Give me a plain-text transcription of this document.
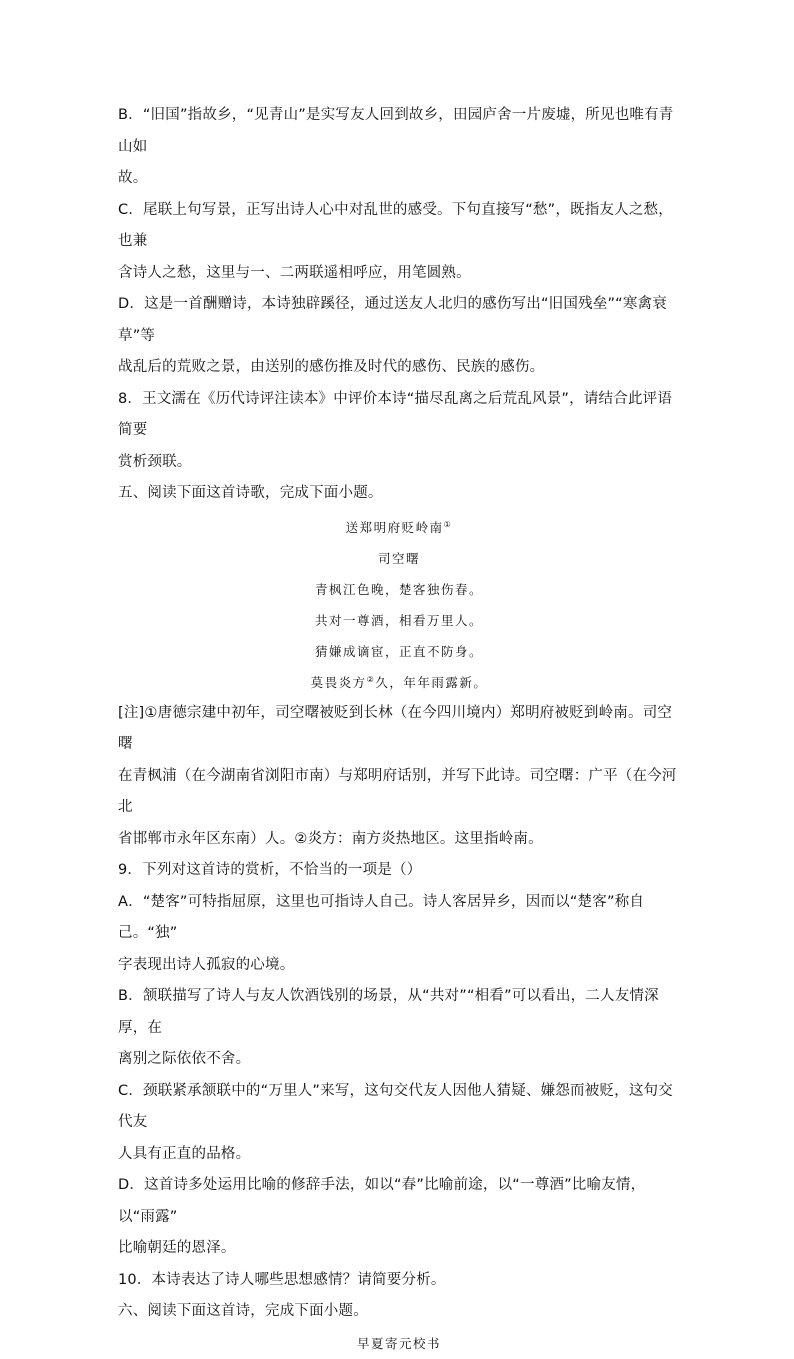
B．“旧国”指故乡，“见青山”是实写友人回到故乡，田园庐舍一片废墟，所见也唯有青山如

故。

C．尾联上句写景，正写出诗人心中对乱世的感受。下句直接写“愁”，既指友人之愁，也兼

含诗人之愁，这里与一、二两联遥相呼应，用笔圆熟。

D．这是一首酬赠诗，本诗独辟蹊径，通过送友人北归的感伤写出“旧国残垒”“寒禽衰草”等

战乱后的荒败之景，由送别的感伤推及时代的感伤、民族的感伤。

8．王文濡在《历代诗评注读本》中评价本诗“描尽乱离之后荒乱风景”，请结合此评语简要

赏析颈联。

五、阅读下面这首诗歌，完成下面小题。

送郑明府贬岭南①

司空曙

青枫江色晚，楚客独伤春。

共对一尊酒，相看万里人。

猜嫌成谪宦，正直不防身。

莫畏炎方②久，年年雨露新。

[注]①唐德宗建中初年，司空曙被贬到长林（在今四川境内）郑明府被贬到岭南。司空曙

在青枫浦（在今湖南省浏阳市南）与郑明府话别，并写下此诗。司空曙：广平（在今河北

省邯郸市永年区东南）人。②炎方：南方炎热地区。这里指岭南。

9．下列对这首诗的赏析，不恰当的一项是（）

A．“楚客”可特指屈原，这里也可指诗人自己。诗人客居异乡，因而以“楚客”称自己。“独”

字表现出诗人孤寂的心境。

B．颔联描写了诗人与友人饮酒饯别的场景，从“共对”“相看”可以看出，二人友情深厚，在

离别之际依依不舍。

C．颈联紧承颔联中的“万里人”来写，这句交代友人因他人猜疑、嫌怨而被贬，这句交代友

人具有正直的品格。

D．这首诗多处运用比喻的修辞手法，如以“春”比喻前途，以“一尊酒”比喻友情，以“雨露”

比喻朝廷的恩泽。

10．本诗表达了诗人哪些思想感情？请简要分析。

六、阅读下面这首诗，完成下面小题。

早夏寄元校书
